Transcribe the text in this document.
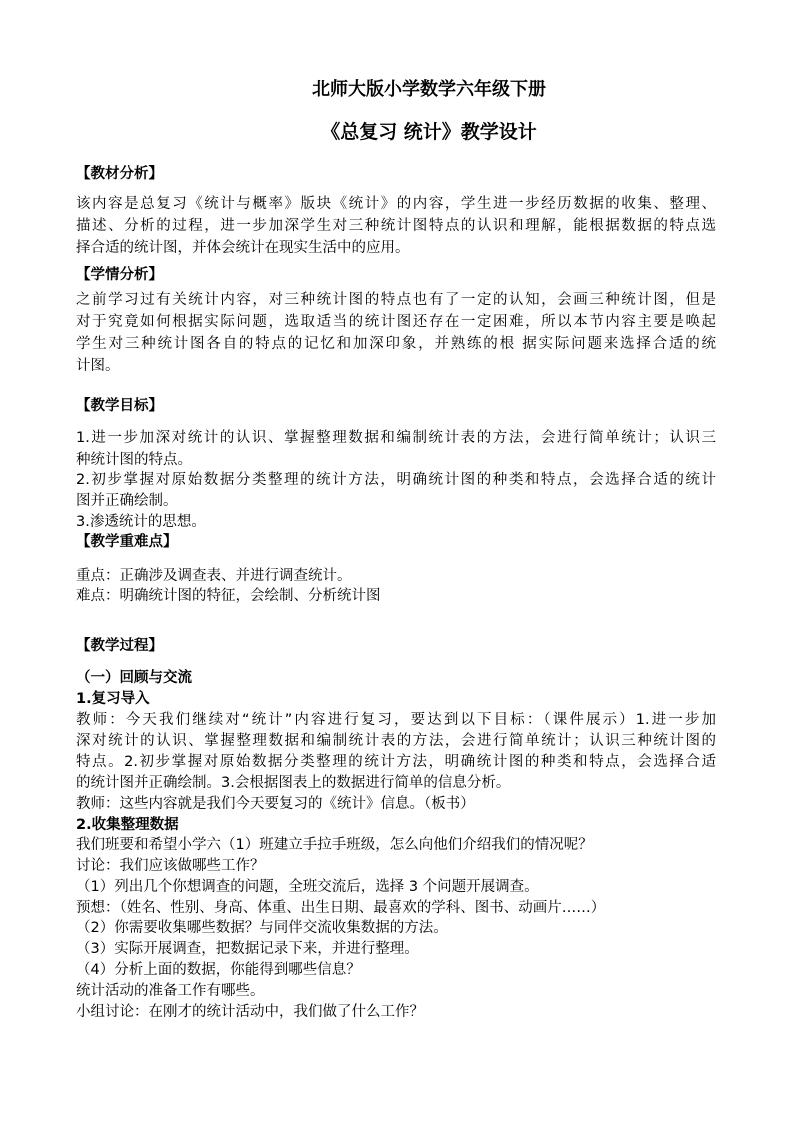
北师大版小学数学六年级下册
《总复习 统计》教学设计
【教材分析】
该内容是总复习《统计与概率》版块《统计》的内容，学生进一步经历数据的收集、整理、
描述、分析的过程，进一步加深学生对三种统计图特点的认识和理解，能根据数据的特点选
择合适的统计图，并体会统计在现实生活中的应用。
【学情分析】
之前学习过有关统计内容，对三种统计图的特点也有了一定的认知，会画三种统计图，但是
对于究竟如何根据实际问题，选取适当的统计图还存在一定困难，所以本节内容主要是唤起
学生对三种统计图各自的特点的记忆和加深印象，并熟练的根 据实际问题来选择合适的统
计图。
【教学目标】
1.进一步加深对统计的认识、掌握整理数据和编制统计表的方法，会进行简单统计；认识三
种统计图的特点。
2.初步掌握对原始数据分类整理的统计方法，明确统计图的种类和特点，会选择合适的统计
图并正确绘制。
3.渗透统计的思想。
【教学重难点】
重点：正确涉及调查表、并进行调查统计。
难点：明确统计图的特征，会绘制、分析统计图
【教学过程】
（一）回顾与交流
1.复习导入
教师：今天我们继续对“统计”内容进行复习，要达到以下目标：（课件展示）1.进一步加
深对统计的认识、掌握整理数据和编制统计表的方法，会进行简单统计；认识三种统计图的
特点。2.初步掌握对原始数据分类整理的统计方法，明确统计图的种类和特点，会选择合适
的统计图并正确绘制。3.会根据图表上的数据进行简单的信息分析。
教师：这些内容就是我们今天要复习的《统计》信息。（板书）
2.收集整理数据
我们班要和希望小学六（1）班建立手拉手班级，怎么向他们介绍我们的情况呢？
讨论：我们应该做哪些工作？
（1）列出几个你想调查的问题，全班交流后，选择 3 个问题开展调查。
预想：（姓名、性别、身高、体重、出生日期、最喜欢的学科、图书、动画片……）
（2）你需要收集哪些数据？与同伴交流收集数据的方法。
（3）实际开展调查，把数据记录下来，并进行整理。
（4）分析上面的数据，你能得到哪些信息？
统计活动的准备工作有哪些。
小组讨论：在刚才的统计活动中，我们做了什么工作？
